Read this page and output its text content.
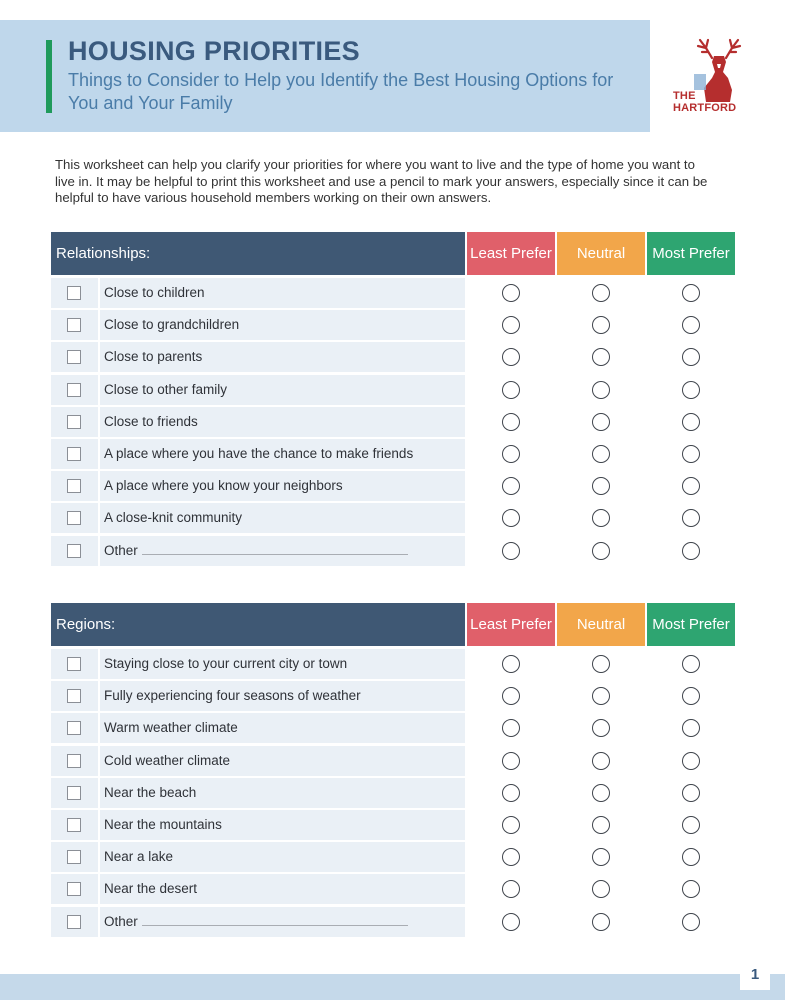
HOUSING PRIORITIES

Things to Consider to Help you Identify the Best Housing Options for You and Your Family	THE
HARTFORD

This worksheet can help you clarify your priorities for where you want to live and the type of home you want to live in. It may be helpful to print this worksheet and use a pencil to mark your answers, especially since it can be helpful to have various household members working on their own answers.

Relationships:	Least Prefer	Neutral	Most Prefer
Close to children
Close to grandchildren
Close to parents
Close to other family
Close to friends
A place where you have the chance to make friends
A place where you know your neighbors
A close-knit community
Other
Regions:	Least Prefer	Neutral	Most Prefer
Staying close to your current city or town
Fully experiencing four seasons of weather
Warm weather climate
Cold weather climate
Near the beach
Near the mountains
Near a lake
Near the desert
Other
1
